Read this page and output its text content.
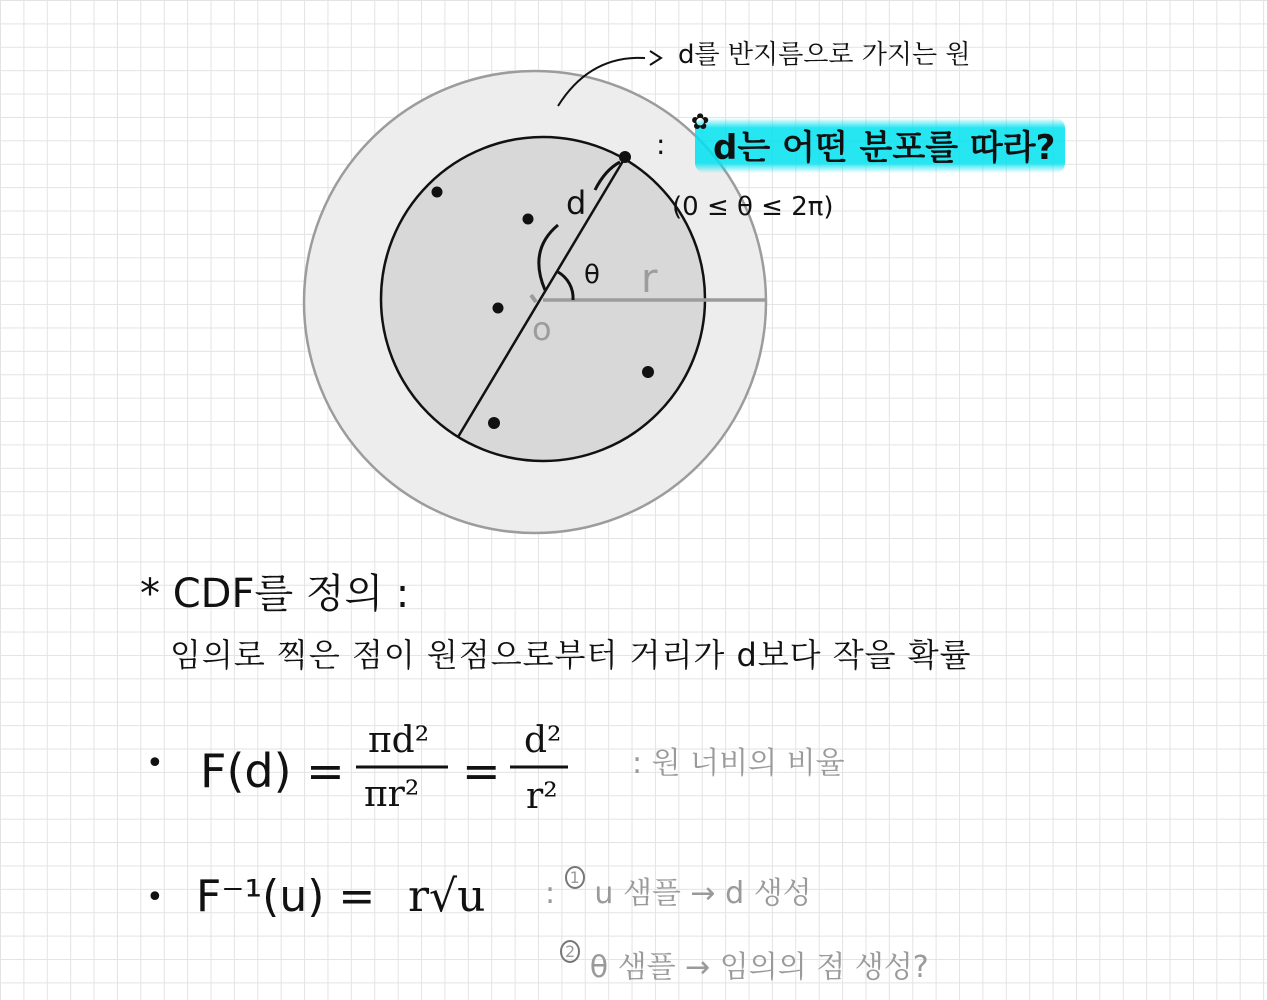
d
θ r
o
• F(d) =
πd²
πr² =
d²
r²
• F⁻¹(u) = r√u
d를 반지름으로 가지는 원
:
✿
d는 어떤 분포를 따라?
(0 ≤ θ ≤ 2π)
* CDF를 정의 :
임의로 찍은 점이 원점으로부터 거리가 d보다 작을 확률
: 원 너비의 비율
: $^1$ u 샘플 → d 생성
$^2$ θ 샘플 → 임의의 점 생성?
